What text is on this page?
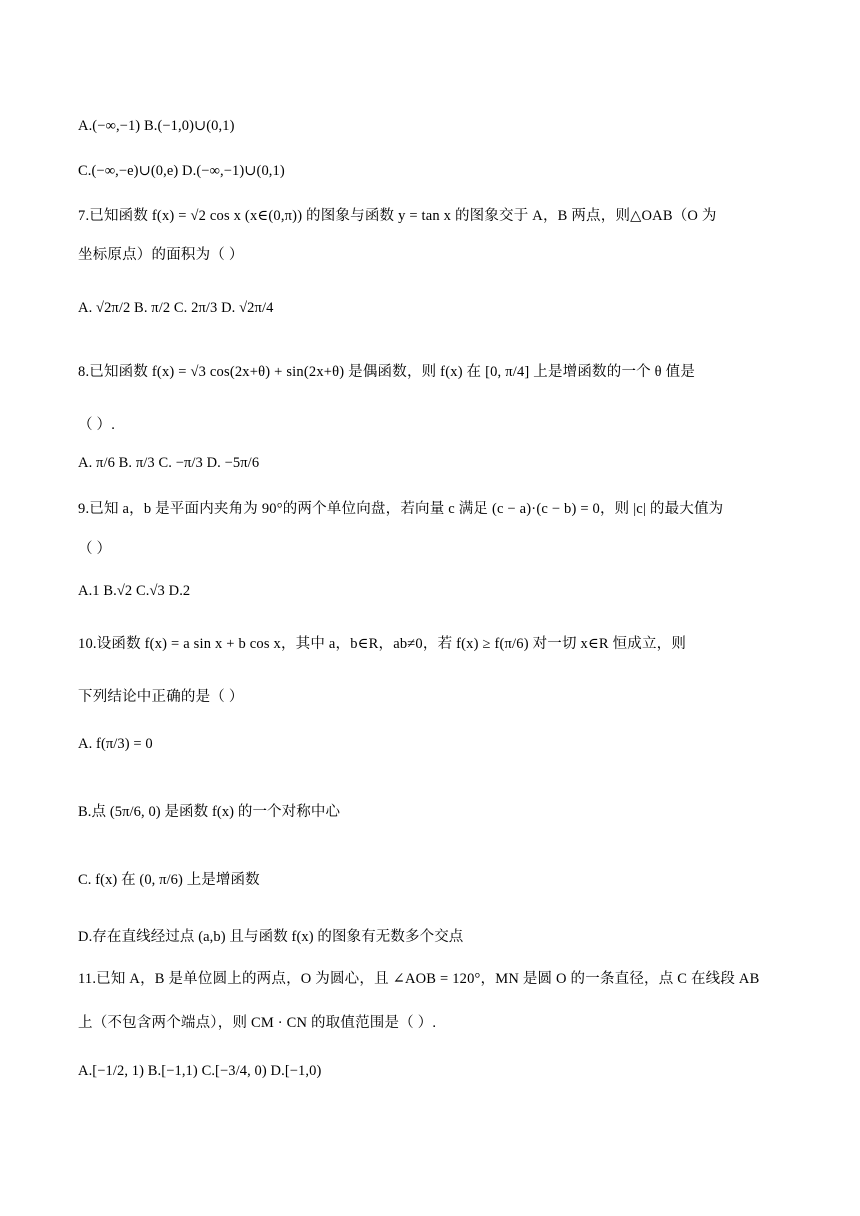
A.(−∞,−1) B.(−1,0)∪(0,1)
C.(−∞,−e)∪(0,e) D.(−∞,−1)∪(0,1)
7.已知函数 f(x) = √2 cos x (x∈(0,π)) 的图象与函数 y = tan x 的图象交于 A，B 两点，则△OAB（O 为
坐标原点）的面积为（ ）
A. √2π/2 B. π/2 C. 2π/3 D. √2π/4
8.已知函数 f(x) = √3 cos(2x+θ) + sin(2x+θ) 是偶函数，则 f(x) 在 [0, π/4] 上是增函数的一个 θ 值是
（ ）.
A. π/6 B. π/3 C. −π/3 D. −5π/6
9.已知 a，b 是平面内夹角为 90°的两个单位向盘，若向量 c 满足 (c − a)·(c − b) = 0，则 |c| 的最大值为
（ ）
A.1 B.√2 C.√3 D.2
10.设函数 f(x) = a sin x + b cos x，其中 a，b∈R，ab≠0，若 f(x) ≥ f(π/6) 对一切 x∈R 恒成立，则
下列结论中正确的是（ ）
A. f(π/3) = 0
B.点 (5π/6, 0) 是函数 f(x) 的一个对称中心
C. f(x) 在 (0, π/6) 上是增函数
D.存在直线经过点 (a,b) 且与函数 f(x) 的图象有无数多个交点
11.已知 A，B 是单位圆上的两点，O 为圆心，且 ∠AOB = 120°，MN 是圆 O 的一条直径，点 C 在线段 AB
上（不包含两个端点），则 CM · CN 的取值范围是（ ）.
A.[−1/2, 1) B.[−1,1) C.[−3/4, 0) D.[−1,0)
